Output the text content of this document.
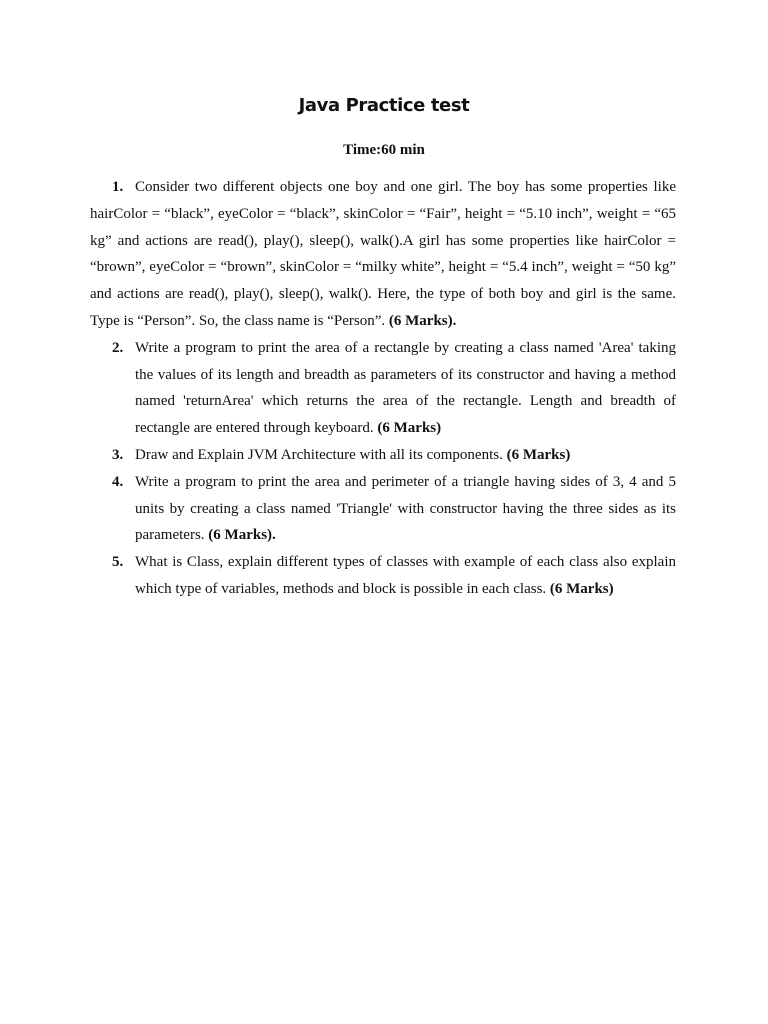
Java Practice test
Time:60 min

1. Consider two different objects one boy and one girl. The boy has some properties like hairColor = “black”, eyeColor = “black”, skinColor = “Fair”, height = “5.10 inch”, weight = “65 kg” and actions are read(), play(), sleep(), walk().A girl has some properties like hairColor = “brown”, eyeColor = “brown”, skinColor = “milky white”, height = “5.4 inch”, weight = “50 kg” and actions are read(), play(), sleep(), walk(). Here, the type of both boy and girl is the same. Type is “Person”. So, the class name is “Person”. (6 Marks).

2. Write a program to print the area of a rectangle by creating a class named 'Area' taking the values of its length and breadth as parameters of its constructor and having a method named 'returnArea' which returns the area of the rectangle. Length and breadth of rectangle are entered through keyboard. (6 Marks)

3. Draw and Explain JVM Architecture with all its components. (6 Marks)

4. Write a program to print the area and perimeter of a triangle having sides of 3, 4 and 5 units by creating a class named 'Triangle' with constructor having the three sides as its parameters. (6 Marks).

5. What is Class, explain different types of classes with example of each class also explain which type of variables, methods and block is possible in each class. (6 Marks)
